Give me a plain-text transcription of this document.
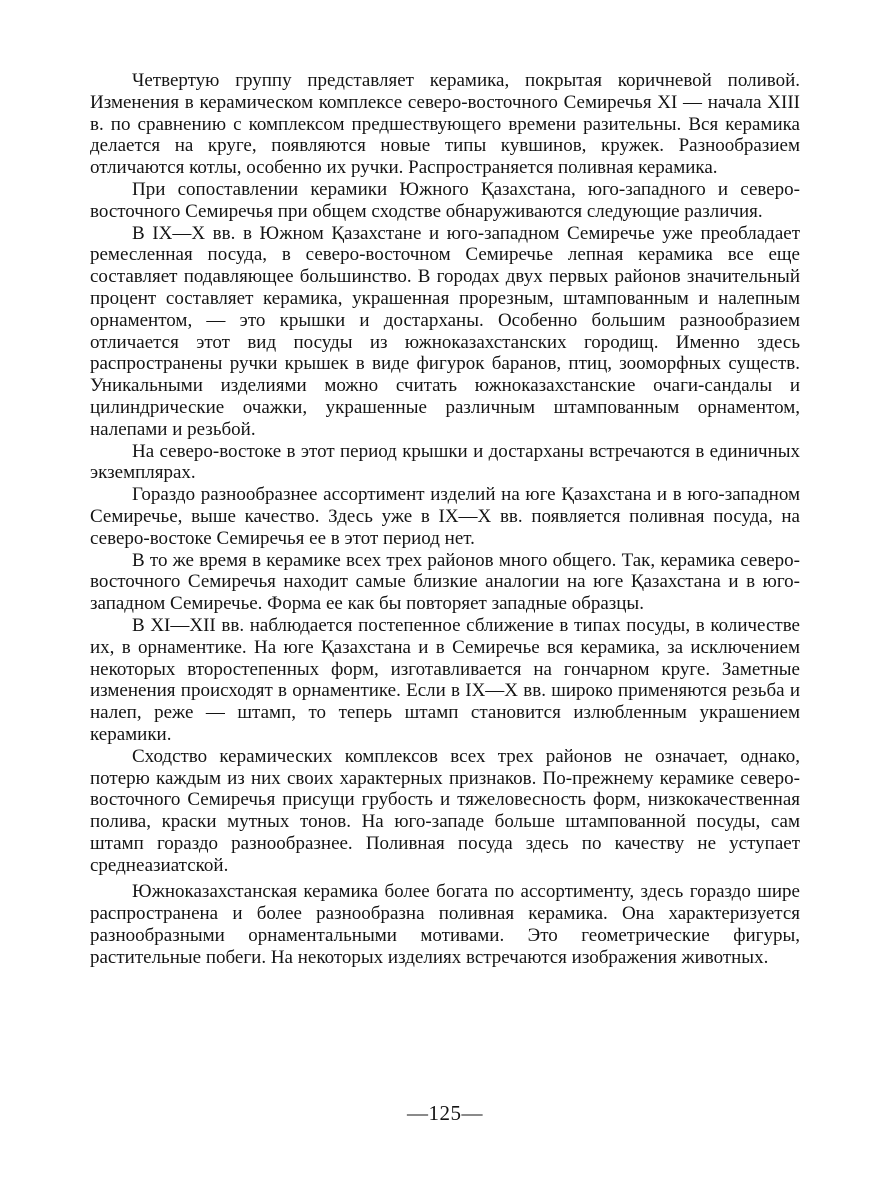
Четвертую группу представляет керамика, покрытая коричневой поливой. Изменения в керамическом комплексе северо-восточного Семиречья XI — начала XIII в. по сравнению с комплексом предшествующего времени разительны. Вся керамика делается на круге, появляются новые типы кувшинов, кружек. Разнообразием отличаются котлы, особенно их ручки. Распространяется поливная керамика.

При сопоставлении керамики Южного Қазахстана, юго-западного и северо-восточного Семиречья при общем сходстве обнаруживаются следующие различия.

В IX—X вв. в Южном Қазахстане и юго-западном Семиречье уже преобладает ремесленная посуда, в северо-восточном Семиречье лепная керамика все еще составляет подавляющее большинство. В городах двух первых районов значительный процент составляет керамика, украшенная прорезным, штампованным и налепным орнаментом, — это крышки и достарханы. Особенно большим разнообразием отличается этот вид посуды из южноказахстанских городищ. Именно здесь распространены ручки крышек в виде фигурок баранов, птиц, зооморфных существ. Уникальными изделиями можно считать южноказахстанские очаги-сандалы и цилиндрические очажки, украшенные различным штампованным орнаментом, налепами и резьбой.

На северо-востоке в этот период крышки и достарханы встречаются в единичных экземплярах.

Гораздо разнообразнее ассортимент изделий на юге Қазахстана и в юго-западном Семиречье, выше качество. Здесь уже в IX—X вв. появляется поливная посуда, на северо-востоке Семиречья ее в этот период нет.

В то же время в керамике всех трех районов много общего. Так, керамика северо-восточного Семиречья находит самые близкие аналогии на юге Қазахстана и в юго-западном Семиречье. Форма ее как бы повторяет западные образцы.

В XI—XII вв. наблюдается постепенное сближение в типах посуды, в количестве их, в орнаментике. На юге Қазахстана и в Семиречье вся керамика, за исключением некоторых второстепенных форм, изготавливается на гончарном круге. Заметные изменения происходят в орнаментике. Если в IX—X вв. широко применяются резьба и налеп, реже — штамп, то теперь штамп становится излюбленным украшением керамики.

Сходство керамических комплексов всех трех районов не означает, однако, потерю каждым из них своих характерных признаков. По-прежнему керамике северо-восточного Семиречья присущи грубость и тяжеловесность форм, низкокачественная полива, краски мутных тонов. На юго-западе больше штампованной посуды, сам штамп гораздо разнообразнее. Поливная посуда здесь по качеству не уступает среднеазиатской.

Южноказахстанская керамика более богата по ассортименту, здесь гораздо шире распространена и более разнообразна поливная керамика. Она характеризуется разнообразными орнаментальными мотивами. Это геометрические фигуры, растительные побеги. На некоторых изделиях встречаются изображения животных.

—125—
